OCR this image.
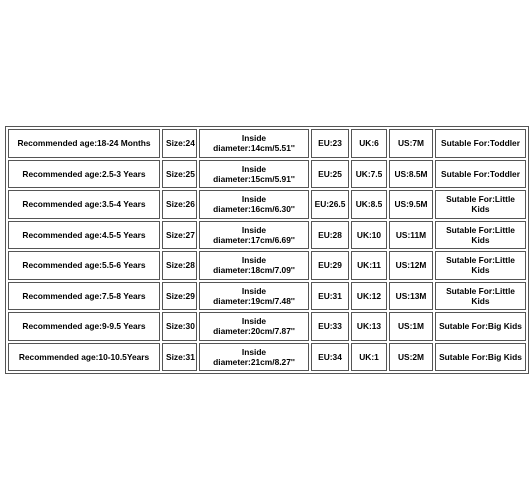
Recommended age:18-24 Months	Size:24	Inside diameter:14cm/5.51''	EU:23	UK:6	US:7M	Sutable For:Toddler
Recommended age:2.5-3 Years	Size:25	Inside diameter:15cm/5.91''	EU:25	UK:7.5	US:8.5M	Sutable For:Toddler
Recommended age:3.5-4 Years	Size:26	Inside diameter:16cm/6.30''	EU:26.5	UK:8.5	US:9.5M	Sutable For:Little Kids
Recommended age:4.5-5 Years	Size:27	Inside diameter:17cm/6.69''	EU:28	UK:10	US:11M	Sutable For:Little Kids
Recommended age:5.5-6 Years	Size:28	Inside diameter:18cm/7.09''	EU:29	UK:11	US:12M	Sutable For:Little Kids
Recommended age:7.5-8 Years	Size:29	Inside diameter:19cm/7.48''	EU:31	UK:12	US:13M	Sutable For:Little Kids
Recommended age:9-9.5 Years	Size:30	Inside diameter:20cm/7.87''	EU:33	UK:13	US:1M	Sutable For:Big Kids
Recommended age:10-10.5Years	Size:31	Inside diameter:21cm/8.27''	EU:34	UK:1	US:2M	Sutable For:Big Kids
